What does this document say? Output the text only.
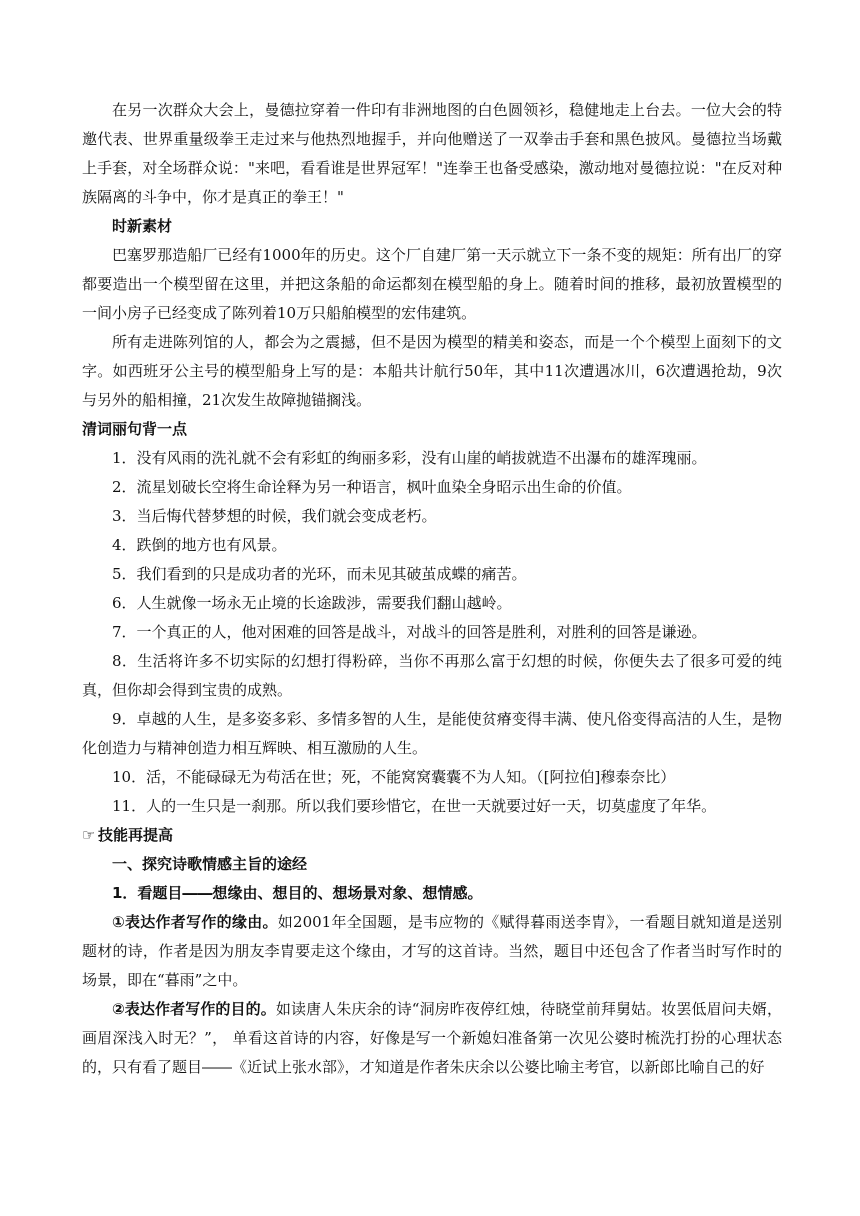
在另一次群众大会上，曼德拉穿着一件印有非洲地图的白色圆领衫，稳健地走上台去。一位大会的特邀代表、世界重量级拳王走过来与他热烈地握手，并向他赠送了一双拳击手套和黑色披风。曼德拉当场戴上手套，对全场群众说："来吧，看看谁是世界冠军！"连拳王也备受感染，激动地对曼德拉说："在反对种族隔离的斗争中，你才是真正的拳王！"

时新素材

巴塞罗那造船厂已经有1000年的历史。这个厂自建厂第一天示就立下一条不变的规矩：所有出厂的穿都要造出一个模型留在这里，并把这条船的命运都刻在模型船的身上。随着时间的推移，最初放置模型的一间小房子已经变成了陈列着10万只船舶模型的宏伟建筑。

所有走进陈列馆的人，都会为之震撼，但不是因为模型的精美和姿态，而是一个个模型上面刻下的文字。如西班牙公主号的模型船身上写的是：本船共计航行50年，其中11次遭遇冰川，6次遭遇抢劫，9次与另外的船相撞，21次发生故障抛锚搁浅。

清词丽句背一点

1．没有风雨的洗礼就不会有彩虹的绚丽多彩，没有山崖的峭拔就造不出瀑布的雄浑瑰丽。

2．流星划破长空将生命诠释为另一种语言，枫叶血染全身昭示出生命的价值。

3．当后悔代替梦想的时候，我们就会变成老朽。

4．跌倒的地方也有风景。

5．我们看到的只是成功者的光环，而未见其破茧成蝶的痛苦。

6．人生就像一场永无止境的长途跋涉，需要我们翻山越岭。

7．一个真正的人，他对困难的回答是战斗，对战斗的回答是胜利，对胜利的回答是谦逊。

8．生活将许多不切实际的幻想打得粉碎，当你不再那么富于幻想的时候，你便失去了很多可爱的纯真，但你却会得到宝贵的成熟。

9．卓越的人生，是多姿多彩、多情多智的人生，是能使贫瘠变得丰满、使凡俗变得高洁的人生，是物化创造力与精神创造力相互辉映、相互激励的人生。

10．活，不能碌碌无为苟活在世；死，不能窝窝囊囊不为人知。（[阿拉伯]穆泰奈比）

11．人的一生只是一刹那。所以我们要珍惜它，在世一天就要过好一天，切莫虚度了年华。

☞ 技能再提高

一、探究诗歌情感主旨的途经

1．看题目――想缘由、想目的、想场景对象、想情感。

①表达作者写作的缘由。如2001年全国题，是韦应物的《赋得暮雨送李胄》，一看题目就知道是送别题材的诗，作者是因为朋友李胄要走这个缘由，才写的这首诗。当然，题目中还包含了作者当时写作时的场景，即在“暮雨”之中。

②表达作者写作的目的。如读唐人朱庆余的诗“洞房昨夜停红烛，待晓堂前拜舅姑。妆罢低眉问夫婿，画眉深浅入时无？”， 单看这首诗的内容，好像是写一个新媳妇准备第一次见公婆时梳洗打扮的心理状态的，只有看了题目――《近试上张水部》，才知道是作者朱庆余以公婆比喻主考官，以新郎比喻自己的好
